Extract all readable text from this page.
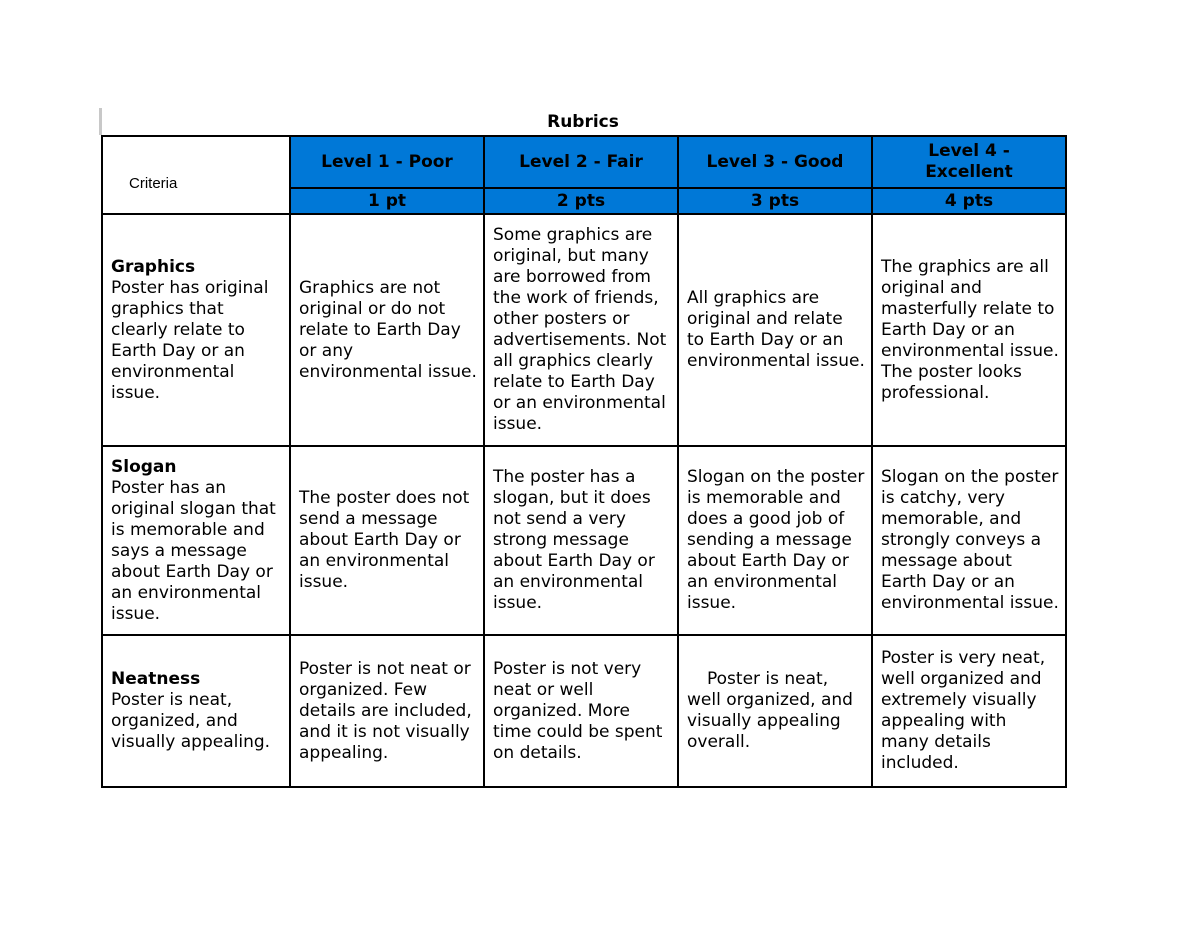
Rubrics
Criteria	Level 1 - Poor	Level 2 - Fair	Level 3 - Good	Level 4 - Excellent
	1 pt	2 pts	3 pts	4 pts

Graphics
Poster has original graphics that clearly relate to Earth Day or an environmental issue.	Graphics are not original or do not relate to Earth Day or any environmental issue.	Some graphics are original, but many are borrowed from the work of friends, other posters or advertisements. Not all graphics clearly relate to Earth Day or an environmental issue.	All graphics are original and relate to Earth Day or an environmental issue.	The graphics are all original and masterfully relate to Earth Day or an environmental issue. The poster looks professional.

Slogan
Poster has an original slogan that is memorable and says a message about Earth Day or an environmental issue.	The poster does not send a message about Earth Day or an environmental issue.	The poster has a slogan, but it does not send a very strong message about Earth Day or an environmental issue.	Slogan on the poster is memorable and does a good job of sending a message about Earth Day or an environmental issue.	Slogan on the poster is catchy, very memorable, and strongly conveys a message about Earth Day or an environmental issue.

Neatness
Poster is neat, organized, and visually appealing.	Poster is not neat or organized. Few details are included, and it is not visually appealing.	Poster is not very neat or well organized. More time could be spent on details.	Poster is neat, well organized, and visually appealing overall.	Poster is very neat, well organized and extremely visually appealing with many details included.
